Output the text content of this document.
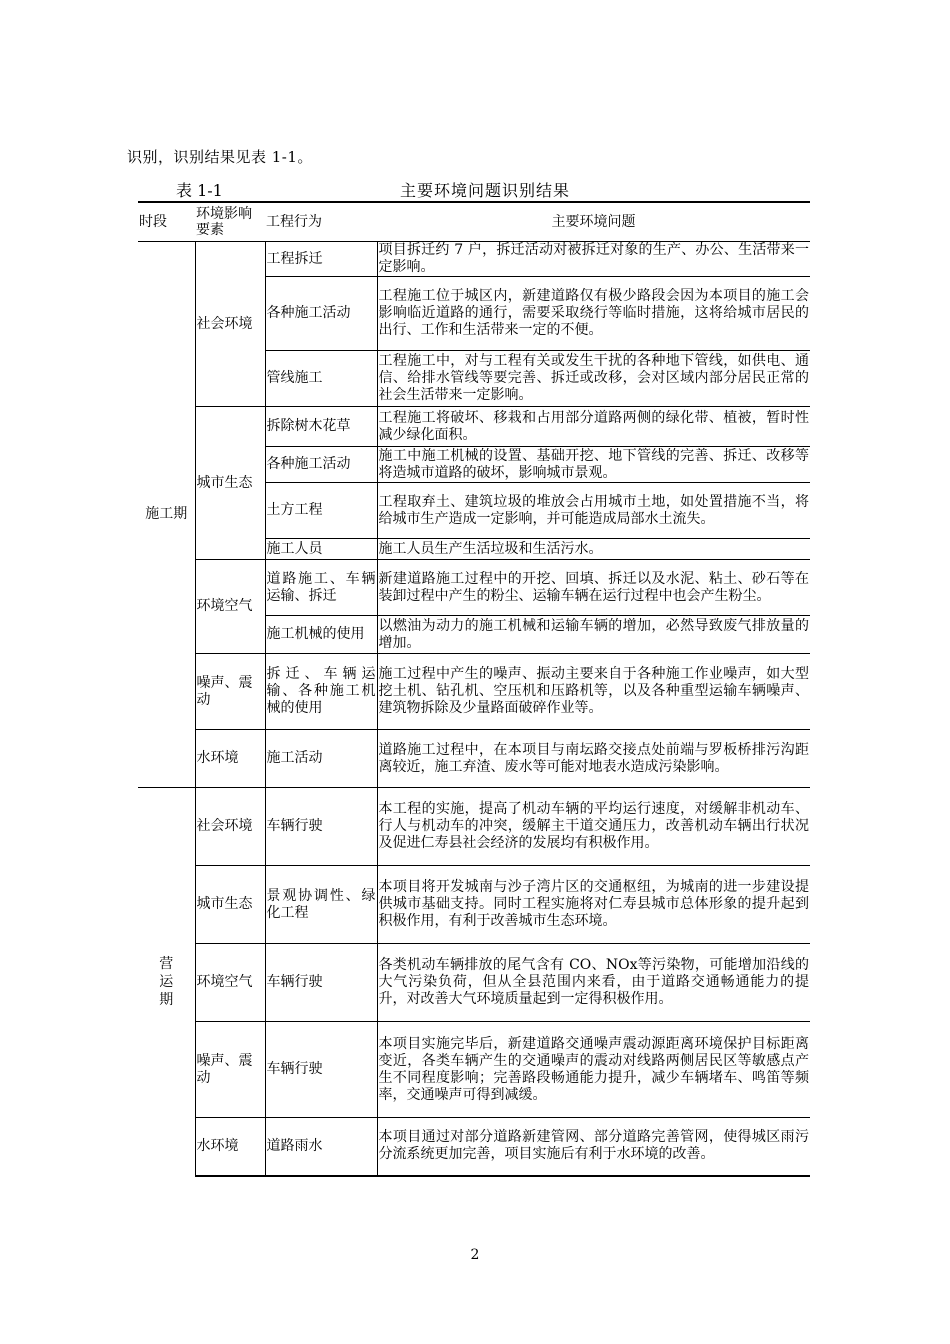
识别，识别结果见表 1-1。
表 1-1	主要环境问题识别结果
时段	环境影响要素	工程行为	主要环境问题
施工期	社会环境	工程拆迁	项目拆迁约 7 户，拆迁活动对被拆迁对象的生产、办公、生活带来一定影响。
		各种施工活动	工程施工位于城区内，新建道路仅有极少路段会因为本项目的施工会影响临近道路的通行，需要采取绕行等临时措施，这将给城市居民的出行、工作和生活带来一定的不便。
		管线施工	工程施工中，对与工程有关或发生干扰的各种地下管线，如供电、通信、给排水管线等要完善、拆迁或改移，会对区域内部分居民正常的社会生活带来一定影响。
	城市生态	拆除树木花草	工程施工将破坏、移栽和占用部分道路两侧的绿化带、植被，暂时性减少绿化面积。
		各种施工活动	施工中施工机械的设置、基础开挖、地下管线的完善、拆迁、改移等将造城市道路的破坏，影响城市景观。
		土方工程	工程取弃土、建筑垃圾的堆放会占用城市土地，如处置措施不当，将给城市生产造成一定影响，并可能造成局部水土流失。
		施工人员	施工人员生产生活垃圾和生活污水。
	环境空气	道路施工、车辆运输、拆迁	新建道路施工过程中的开挖、回填、拆迁以及水泥、粘土、砂石等在装卸过程中产生的粉尘、运输车辆在运行过程中也会产生粉尘。
		施工机械的使用	以燃油为动力的施工机械和运输车辆的增加，必然导致废气排放量的增加。
	噪声、震动	拆迁、车辆运输、各种施工机械的使用	施工过程中产生的噪声、振动主要来自于各种施工作业噪声，如大型挖土机、钻孔机、空压机和压路机等，以及各种重型运输车辆噪声、建筑物拆除及少量路面破碎作业等。
	水环境	施工活动	道路施工过程中，在本项目与南坛路交接点处前端与罗板桥排污沟距离较近，施工弃渣、废水等可能对地表水造成污染影响。
营运期	社会环境	车辆行驶	本工程的实施，提高了机动车辆的平均运行速度，对缓解非机动车、行人与机动车的冲突，缓解主干道交通压力，改善机动车辆出行状况及促进仁寿县社会经济的发展均有积极作用。
	城市生态	景观协调性、绿化工程	本项目将开发城南与沙子湾片区的交通枢纽，为城南的进一步建设提供城市基础支持。同时工程实施将对仁寿县城市总体形象的提升起到积极作用，有利于改善城市生态环境。
	环境空气	车辆行驶	各类机动车辆排放的尾气含有 CO、NOx等污染物，可能增加沿线的大气污染负荷，但从全县范围内来看，由于道路交通畅通能力的提升，对改善大气环境质量起到一定得积极作用。
	噪声、震动	车辆行驶	本项目实施完毕后，新建道路交通噪声震动源距离环境保护目标距离变近，各类车辆产生的交通噪声的震动对线路两侧居民区等敏感点产生不同程度影响；完善路段畅通能力提升，减少车辆堵车、鸣笛等频率，交通噪声可得到减缓。
	水环境	道路雨水	本项目通过对部分道路新建管网、部分道路完善管网，使得城区雨污分流系统更加完善，项目实施后有利于水环境的改善。
2
